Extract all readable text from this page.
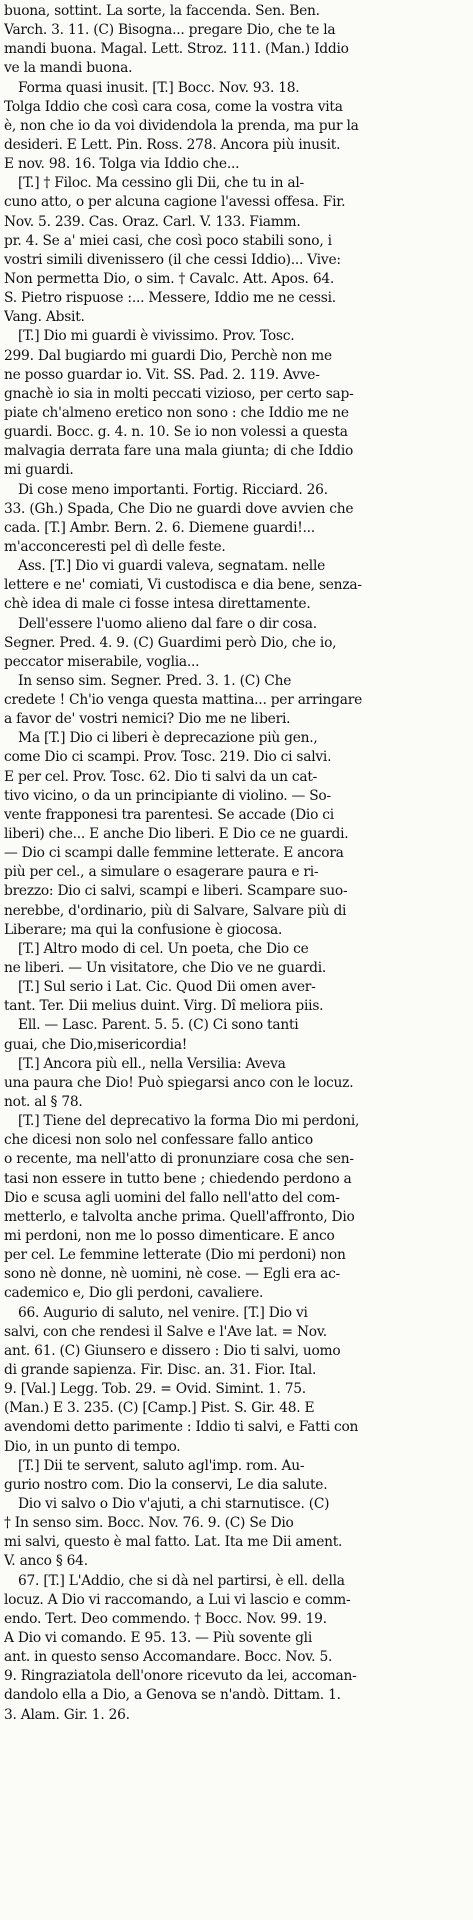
buona, sottint. La sorte, la faccenda. Sen. Ben.
Varch. 3. 11. (C) Bisogna... pregare Dio, che te la
mandi buona. Magal. Lett. Stroz. 111. (Man.) Iddio
ve la mandi buona.
Forma quasi inusit. [T.] Bocc. Nov. 93. 18.
Tolga Iddio che così cara cosa, come la vostra vita
è, non che io da voi dividendola la prenda, ma pur la
desideri. E Lett. Pin. Ross. 278. Ancora più inusit.
E nov. 98. 16. Tolga via Iddio che...
[T.] † Filoc. Ma cessino gli Dii, che tu in al-
cuno atto, o per alcuna cagione l'avessi offesa. Fir.
Nov. 5. 239. Cas. Oraz. Carl. V. 133. Fiamm.
pr. 4. Se a' miei casi, che così poco stabili sono, i
vostri simili divenissero (il che cessi Iddio)... Vive:
Non permetta Dio, o sim. † Cavalc. Att. Apos. 64.
S. Pietro rispuose :... Messere, Iddio me ne cessi.
Vang. Absit.
[T.] Dio mi guardi è vivissimo. Prov. Tosc.
299. Dal bugiardo mi guardi Dio, Perchè non me
ne posso guardar io. Vit. SS. Pad. 2. 119. Avve-
gnachè io sia in molti peccati vizioso, per certo sap-
piate ch'almeno eretico non sono : che Iddio me ne
guardi. Bocc. g. 4. n. 10. Se io non volessi a questa
malvagia derrata fare una mala giunta; di che Iddio
mi guardi.
Di cose meno importanti. Fortig. Ricciard. 26.
33. (Gh.) Spada, Che Dio ne guardi dove avvien che
cada. [T.] Ambr. Bern. 2. 6. Diemene guardi!...
m'acconceresti pel dì delle feste.
Ass. [T.] Dio vi guardi valeva, segnatam. nelle
lettere e ne' comiati, Vi custodisca e dia bene, senza-
chè idea di male ci fosse intesa direttamente.
Dell'essere l'uomo alieno dal fare o dir cosa.
Segner. Pred. 4. 9. (C) Guardimi però Dio, che io,
peccator miserabile, voglia...
In senso sim. Segner. Pred. 3. 1. (C) Che
credete ! Ch'io venga questa mattina... per arringare
a favor de' vostri nemici? Dio me ne liberi.
Ma [T.] Dio ci liberi è deprecazione più gen.,
come Dio ci scampi. Prov. Tosc. 219. Dio ci salvi.
E per cel. Prov. Tosc. 62. Dio ti salvi da un cat-
tivo vicino, o da un principiante di violino. — So-
vente frapponesi tra parentesi. Se accade (Dio ci
liberi) che... E anche Dio liberi. E Dio ce ne guardi.
— Dio ci scampi dalle femmine letterate. E ancora
più per cel., a simulare o esagerare paura e ri-
brezzo: Dio ci salvi, scampi e liberi. Scampare suo-
nerebbe, d'ordinario, più di Salvare, Salvare più di
Liberare; ma qui la confusione è giocosa.
[T.] Altro modo di cel. Un poeta, che Dio ce
ne liberi. — Un visitatore, che Dio ve ne guardi.
[T.] Sul serio i Lat. Cic. Quod Dii omen aver-
tant. Ter. Dii melius duint. Virg. Dî meliora piis.
Ell. — Lasc. Parent. 5. 5. (C) Ci sono tanti
guai, che Dio,misericordia!
[T.] Ancora più ell., nella Versilia: Aveva
una paura che Dio! Può spiegarsi anco con le locuz.
not. al § 78.
[T.] Tiene del deprecativo la forma Dio mi perdoni,
che dicesi non solo nel confessare fallo antico
o recente, ma nell'atto di pronunziare cosa che sen-
tasi non essere in tutto bene ; chiedendo perdono a
Dio e scusa agli uomini del fallo nell'atto del com-
metterlo, e talvolta anche prima. Quell'affronto, Dio
mi perdoni, non me lo posso dimenticare. E anco
per cel. Le femmine letterate (Dio mi perdoni) non
sono nè donne, nè uomini, nè cose. — Egli era ac-
cademico e, Dio gli perdoni, cavaliere.
66. Augurio di saluto, nel venire. [T.] Dio vi
salvi, con che rendesi il Salve e l'Ave lat. = Nov.
ant. 61. (C) Giunsero e dissero : Dio ti salvi, uomo
di grande sapienza. Fir. Disc. an. 31. Fior. Ital.
9. [Val.] Legg. Tob. 29. = Ovid. Simint. 1. 75.
(Man.) E 3. 235. (C) [Camp.] Pist. S. Gir. 48. E
avendomi detto parimente : Iddio ti salvi, e Fatti con
Dio, in un punto di tempo.
[T.] Dii te servent, saluto agl'imp. rom. Au-
gurio nostro com. Dio la conservi, Le dia salute.
Dio vi salvo o Dio v'ajuti, a chi starnutisce. (C)
† In senso sim. Bocc. Nov. 76. 9. (C) Se Dio
mi salvi, questo è mal fatto. Lat. Ita me Dii ament.
V. anco § 64.
67. [T.] L'Addio, che si dà nel partirsi, è ell. della
locuz. A Dio vi raccomando, a Lui vi lascio e comm-
endo. Tert. Deo commendo. † Bocc. Nov. 99. 19.
A Dio vi comando. E 95. 13. — Più sovente gli
ant. in questo senso Accomandare. Bocc. Nov. 5.
9. Ringraziatola dell'onore ricevuto da lei, accoman-
dandolo ella a Dio, a Genova se n'andò. Dittam. 1.
3. Alam. Gir. 1. 26.
